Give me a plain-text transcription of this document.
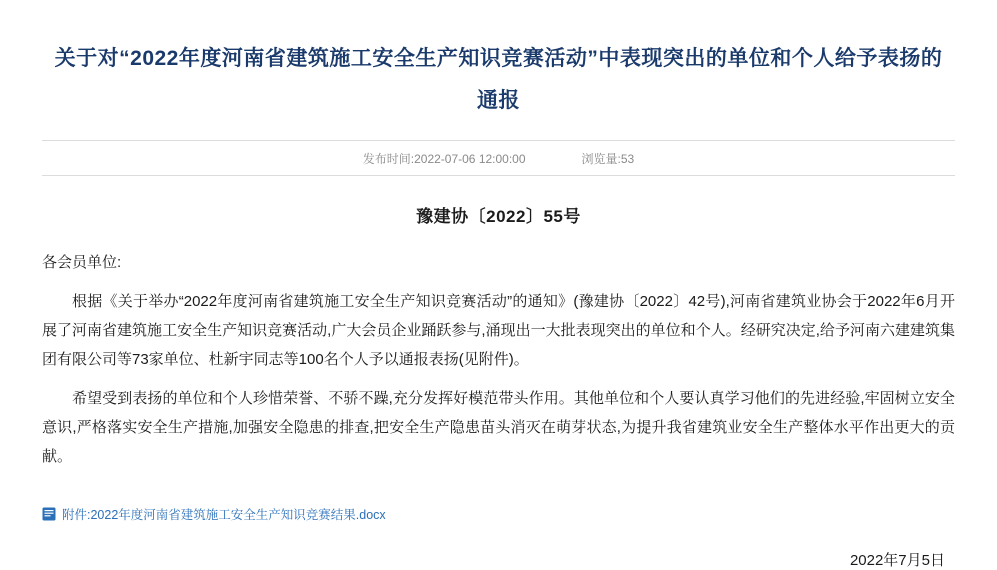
关于对“2022年度河南省建筑施工安全生产知识竞赛活动”中表现突出的单位和个人给予表扬的通报
发布时间:2022-07-06 12:00:00	浏览量:53
豫建协〔2022〕55号
各会员单位:
根据《关于举办“2022年度河南省建筑施工安全生产知识竞赛活动”的通知》(豫建协〔2022〕42号),河南省建筑业协会于2022年6月开展了河南省建筑施工安全生产知识竞赛活动,广大会员企业踊跃参与,涌现出一大批表现突出的单位和个人。经研究决定,给予河南六建建筑集团有限公司等73家单位、杜新宇同志等100名个人予以通报表扬(见附件)。
希望受到表扬的单位和个人珍惜荣誉、不骄不躁,充分发挥好模范带头作用。其他单位和个人要认真学习他们的先进经验,牢固树立安全意识,严格落实安全生产措施,加强安全隐患的排查,把安全生产隐患苗头消灭在萌芽状态,为提升我省建筑业安全生产整体水平作出更大的贡献。
附件:2022年度河南省建筑施工安全生产知识竞赛结果.docx
2022年7月5日
